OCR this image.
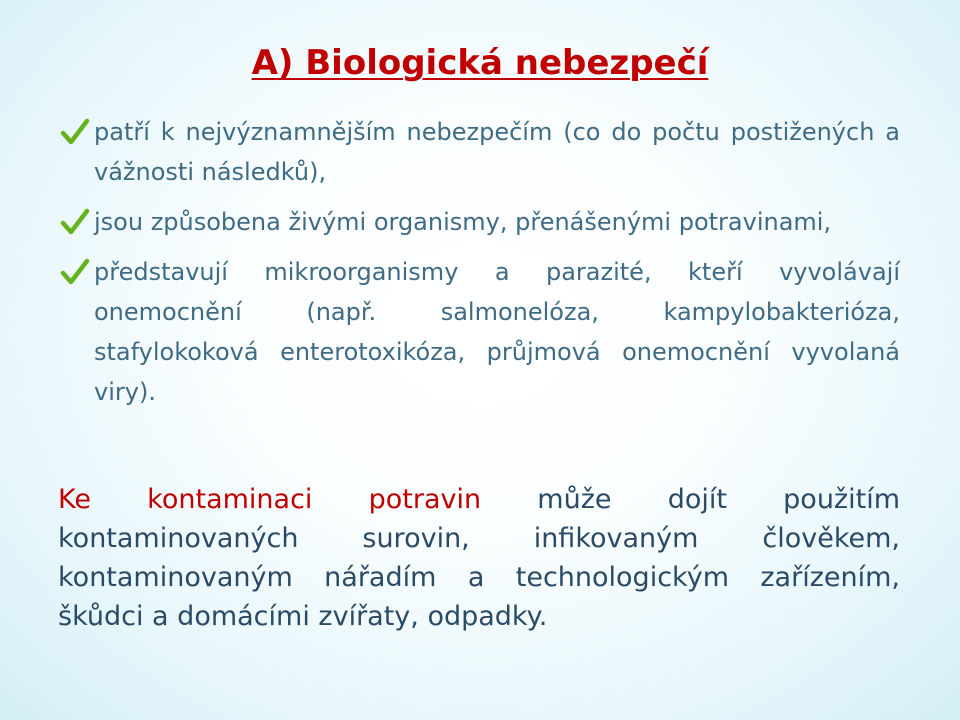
A) Biologická nebezpečí
patří k nejvýznamnějším nebezpečím (co do počtu postižených a vážnosti následků),
jsou způsobena živými organismy, přenášenými potravinami,
představují mikroorganismy a parazité, kteří vyvolávají onemocnění (např. salmonelóza, kampylobakterióza, stafylokoková enterotoxikóza, průjmová onemocnění vyvolaná viry).

Ke kontaminaci potravin může dojít použitím kontaminovaných surovin, infikovaným člověkem, kontaminovaným nářadím a technologickým zařízením, škůdci a domácími zvířaty, odpadky.
